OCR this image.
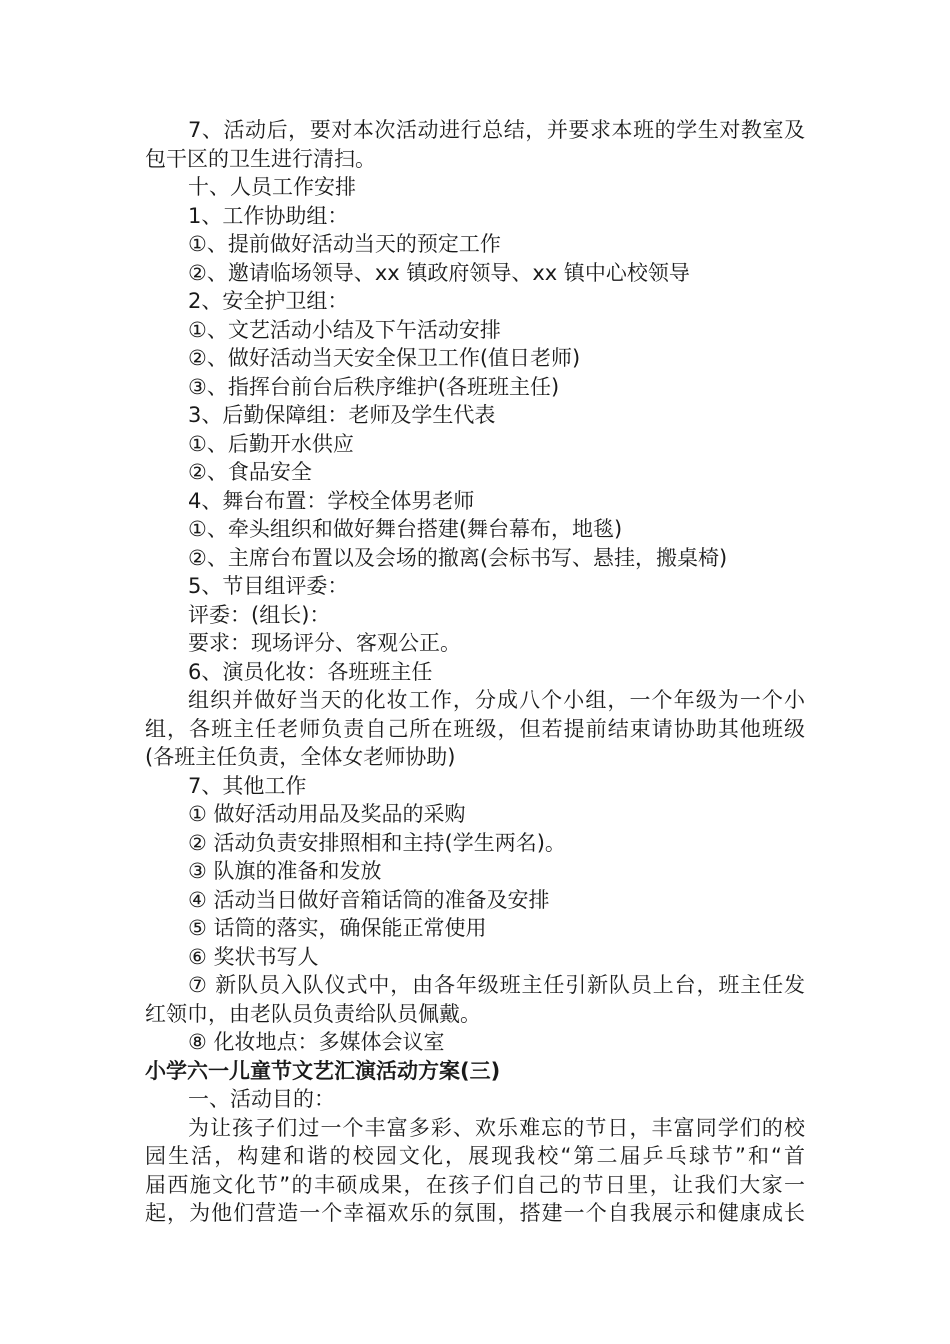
7、活动后，要对本次活动进行总结，并要求本班的学生对教室及
包干区的卫生进行清扫。
十、人员工作安排
1、工作协助组：
①、提前做好活动当天的预定工作
②、邀请临场领导、xx 镇政府领导、xx 镇中心校领导
2、安全护卫组：
①、文艺活动小结及下午活动安排
②、做好活动当天安全保卫工作(值日老师)
③、指挥台前台后秩序维护(各班班主任)
3、后勤保障组：老师及学生代表
①、后勤开水供应
②、食品安全
4、舞台布置：学校全体男老师
①、牵头组织和做好舞台搭建(舞台幕布，地毯)
②、主席台布置以及会场的撤离(会标书写、悬挂，搬桌椅)
5、节目组评委：
评委：(组长)：
要求：现场评分、客观公正。
6、演员化妆：各班班主任
组织并做好当天的化妆工作，分成八个小组，一个年级为一个小
组，各班主任老师负责自己所在班级，但若提前结束请协助其他班级
(各班主任负责，全体女老师协助)
7、其他工作
① 做好活动用品及奖品的采购
② 活动负责安排照相和主持(学生两名)。
③ 队旗的准备和发放
④ 活动当日做好音箱话筒的准备及安排
⑤ 话筒的落实，确保能正常使用
⑥ 奖状书写人
⑦ 新队员入队仪式中，由各年级班主任引新队员上台，班主任发
红领巾，由老队员负责给队员佩戴。
⑧ 化妆地点：多媒体会议室
小学六一儿童节文艺汇演活动方案(三)
一、活动目的：
为让孩子们过一个丰富多彩、欢乐难忘的节日，丰富同学们的校
园生活，构建和谐的校园文化，展现我校“第二届乒乓球节”和“首
届西施文化节”的丰硕成果，在孩子们自己的节日里，让我们大家一
起，为他们营造一个幸福欢乐的氛围，搭建一个自我展示和健康成长
